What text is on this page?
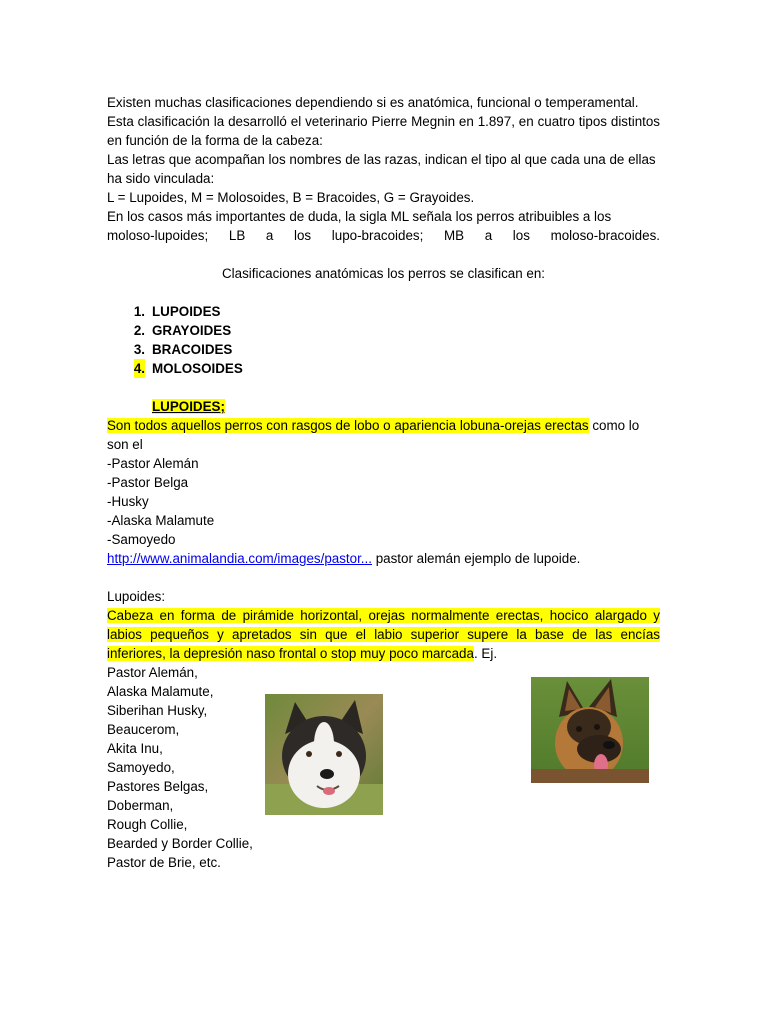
Existen muchas clasificaciones dependiendo si es anatómica, funcional o temperamental.

Esta clasificación la desarrolló el veterinario Pierre Megnin en 1.897, en cuatro tipos distintos en función de la forma de la cabeza:

Las letras que acompañan los nombres de las razas, indican el tipo al que cada una de ellas ha sido vinculada:

L = Lupoides, M = Molosoides, B = Bracoides, G = Grayoides.

En los casos más importantes de duda, la sigla ML señala los perros atribuibles a los

moloso-lupoides; LB a los lupo-bracoides; MB a los moloso-bracoides.

Clasificaciones anatómicas los perros se clasifican en:

1. LUPOIDES
2. GRAYOIDES
3. BRACOIDES
4. MOLOSOIDES

LUPOIDES;

Son todos aquellos perros con rasgos de lobo o apariencia lobuna-orejas erectas como lo son el

-Pastor Alemán
-Pastor Belga
-Husky
-Alaska Malamute
-Samoyedo

http://www.animalandia.com/images/pastor... pastor alemán ejemplo de lupoide.

Lupoides:

Cabeza en forma de pirámide horizontal, orejas normalmente erectas, hocico alargado y labios pequeños y apretados sin que el labio superior supere la base de las encías inferiores, la depresión naso frontal o stop muy poco marcada. Ej.

Pastor Alemán,
Alaska Malamute,
Siberihan Husky,
Beaucerom,
Akita Inu,
Samoyedo,
Pastores Belgas,
Doberman,
Rough Collie,
Bearded y Border Collie,
Pastor de Brie, etc.
